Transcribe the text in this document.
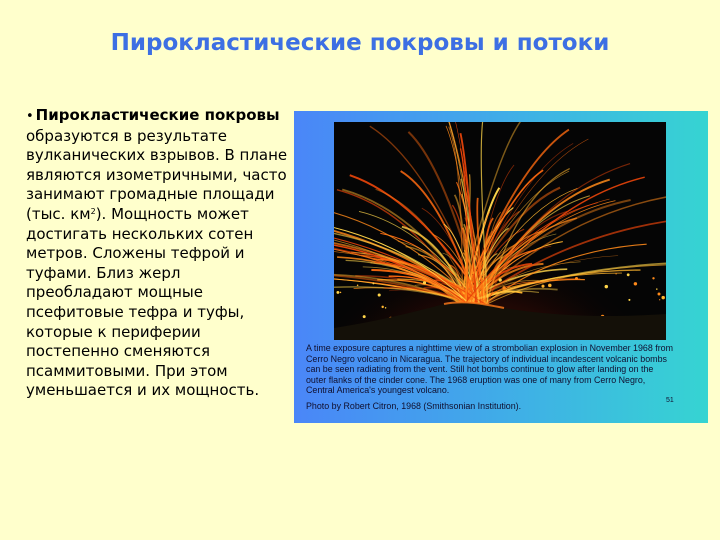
Пирокластические покровы и потоки
• Пирокластические покровы образуются в результате вулканических взрывов. В плане являются изометричными, часто занимают громадные площади (тыс. $км^2$). Мощность может достигать нескольких сотен метров. Сложены тефрой и туфами. Близ жерл преобладают мощные псефитовые тефра и туфы, которые к периферии постепенно сменяются псаммитовыми. При этом уменьшается и их мощность.
A time exposure captures a nighttime view of a strombolian explosion in November 1968 from Cerro Negro volcano in Nicaragua. The trajectory of individual incandescent volcanic bombs can be seen radiating from the vent. Still hot bombs continue to glow after landing on the outer flanks of the cinder cone. The 1968 eruption was one of many from Cerro Negro, Central America's youngest volcano.
Photo by Robert Citron, 1968 (Smithsonian Institution).
51
